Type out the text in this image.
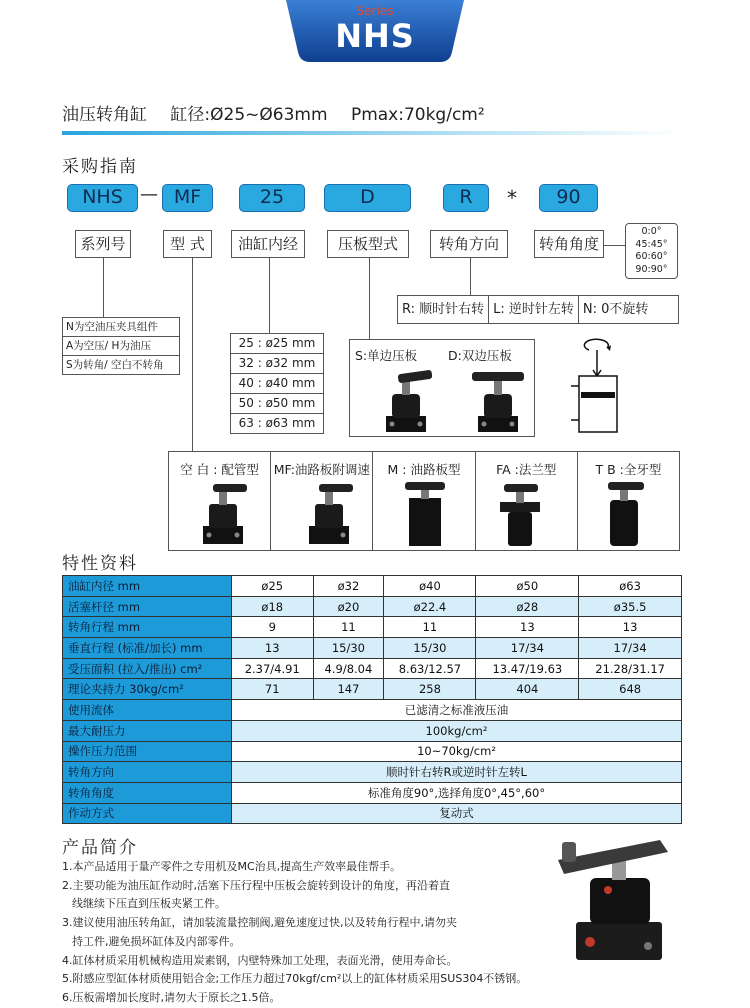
Series
NHS
油压转角缸 缸径:Ø25~Ø63mm Pmax:70kg/cm²
采购指南
NHS — MF	25	D	R	*	90
系列号	型 式	油缸内经	压板型式	转角方向	转角角度
0:0°
45:45°
60:60°
90:90°
N为空油压夹具组件
A为空压/ H为油压
S为转角/ 空白不转角
25 : ø25 mm
32 : ø32 mm
40 : ø40 mm
50 : ø50 mm
63 : ø63 mm
R: 顺时针右转 L: 逆时针左转 N: 0不旋转
S:单边压板 D:双边压板
空 白 : 配管型	MF:油路板附调速	M : 油路板型	FA :法兰型	T B :全牙型
特性资料
油缸内径 mm	ø25	ø32	ø40	ø50	ø63
活塞杆径 mm	ø18	ø20	ø22.4	ø28	ø35.5
转角行程 mm	9	11	11	13	13
垂直行程 (标准/加长) mm	13	15/30	15/30	17/34	17/34
受压面积 (拉入/推出) cm²	2.37/4.91	4.9/8.04	8.63/12.57	13.47/19.63	21.28/31.17
理论夹持力 30kg/cm²	71	147	258	404	648
使用流体	已滤清之标准液压油				
最大耐压力	100kg/cm²				
操作压力范围	10~70kg/cm²				
转角方向	顺时针右转R或逆时针左转L				
转角角度	标准角度90°,选择角度0°,45°,60°				
作动方式	复动式				
产品简介

1.本产品适用于量产零件之专用机及MC治具,提高生产效率最佳帮手。

2.主要功能为油压缸作动时,活塞下压行程中压板会旋转到设计的角度，再沿着直

线继续下压直到压板夹紧工件。

3.建议使用油压转角缸，请加装流量控制阀,避免速度过快,以及转角行程中,请勿夹

持工件,避免损坏缸体及内部零件。

4.缸体材质采用机械构造用炭素钢，内壁特殊加工处理，表面光滑，使用寿命长。

5.附感应型缸体材质使用铝合金;工作压力超过70kgf/cm²以上的缸体材质采用SUS304不锈钢。

6.压板需增加长度时,请勿大于原长之1.5倍。
